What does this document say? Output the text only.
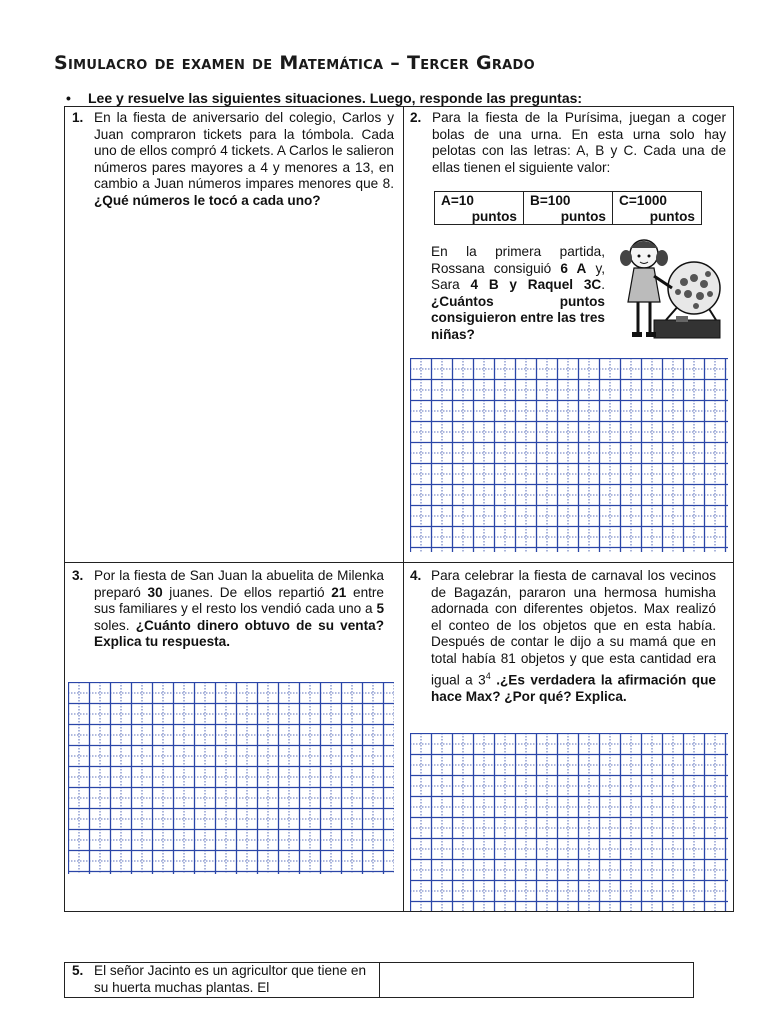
Simulacro de examen de Matemática – Tercer Grado
• Lee y resuelve las siguientes situaciones. Luego, responde las preguntas:
1. En la fiesta de aniversario del colegio, Carlos y Juan compraron tickets para la tómbola. Cada uno de ellos compró 4 tickets. A Carlos le salieron números pares mayores a 4 y menores a 13, en cambio a Juan números impares menores que 8. ¿Qué números le tocó a cada uno?
2. Para la fiesta de la Purísima, juegan a coger bolas de una urna. En esta urna solo hay pelotas con las letras: A, B y C. Cada una de ellas tienen el siguiente valor:
A=10
puntos
B=100
puntos
C=1000
puntos
En la primera partida, Rossana consiguió 6 A y, Sara 4 B y Raquel 3C. ¿Cuántos puntos consiguieron entre las tres niñas?
3. Por la fiesta de San Juan la abuelita de Milenka preparó 30 juanes. De ellos repartió 21 entre sus familiares y el resto los vendió cada uno a 5 soles. ¿Cuánto dinero obtuvo de su venta? Explica tu respuesta.
4. Para celebrar la fiesta de carnaval los vecinos de Bagazán, pararon una hermosa humisha adornada con diferentes objetos. Max realizó el conteo de los objetos que en esta había. Después de contar le dijo a su mamá que en total había 81 objetos y que esta cantidad era igual a $3^4$ .¿Es verdadera la afirmación que hace Max? ¿Por qué? Explica.
5. El señor Jacinto es un agricultor que tiene en su huerta muchas plantas. El
